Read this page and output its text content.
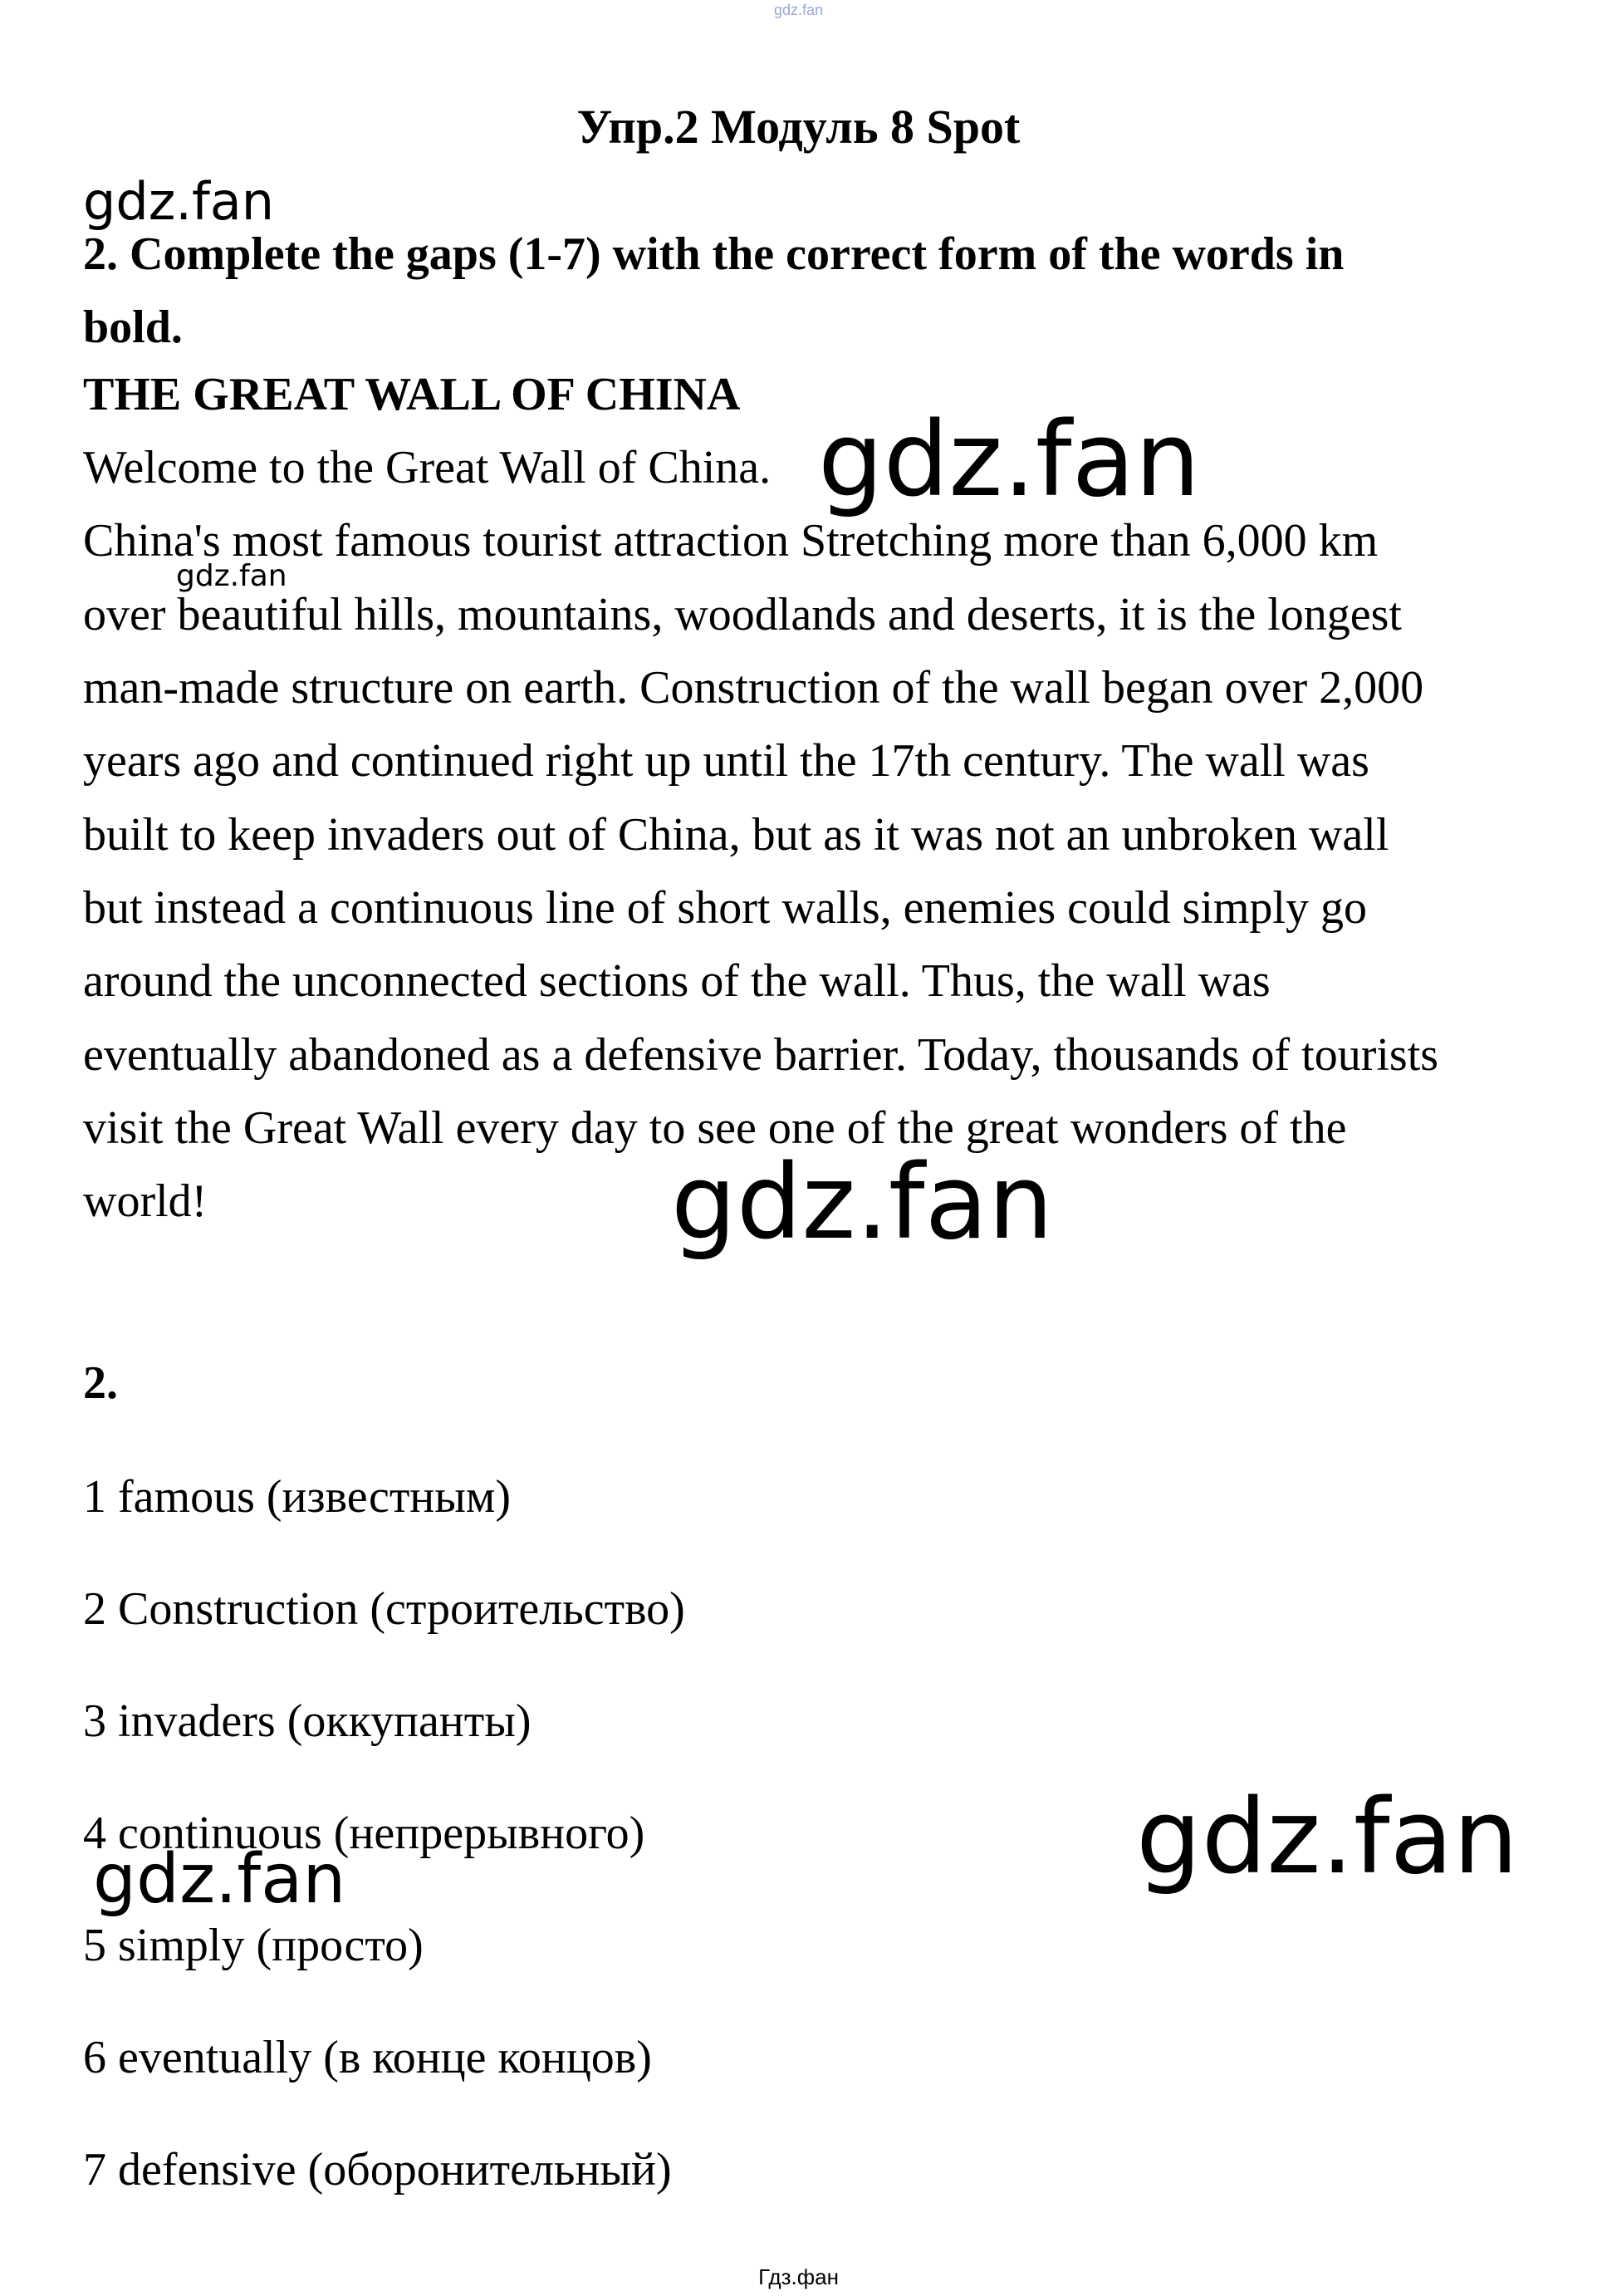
gdz.fan
Упр.2 Модуль 8 Spot
gdz.fan
2. Complete the gaps (1-7) with the correct form of the words in
bold.
THE GREAT WALL OF CHINA
Welcome to the Great Wall of China.
China's most famous tourist attraction Stretching more than 6,000 km
over beautiful hills, mountains, woodlands and deserts, it is the longest
man-made structure on earth. Construction of the wall began over 2,000
years ago and continued right up until the 17th century. The wall was
built to keep invaders out of China, but as it was not an unbroken wall
but instead a continuous line of short walls, enemies could simply go
around the unconnected sections of the wall. Thus, the wall was
eventually abandoned as a defensive barrier. Today, thousands of tourists
visit the Great Wall every day to see one of the great wonders of the
world!
gdz.fan
gdz.fan
gdz.fan
2.
1 famous (известным)
2 Construction (строительство)
3 invaders (оккупанты)
4 continuous (непрерывного)
5 simply (просто)
6 eventually (в конце концов)
7 defensive (оборонительный)
gdz.fan
gdz.fan
Гдз.фан
